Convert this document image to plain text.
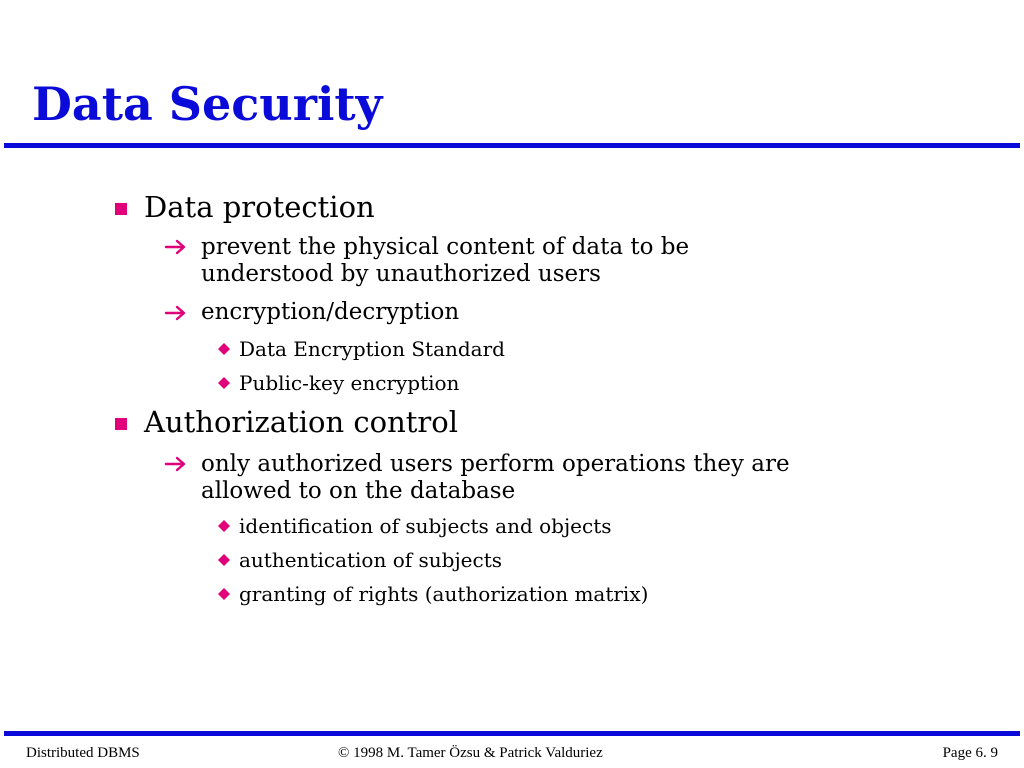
Data Security
Data protection
prevent the physical content of data to be
understood by unauthorized users
encryption/decryption
Data Encryption Standard
Public-key encryption
Authorization control
only authorized users perform operations they are
allowed to on the database
identification of subjects and objects
authentication of subjects
granting of rights (authorization matrix)
Distributed DBMS	© 1998 M. Tamer Özsu & Patrick Valduriez	Page 6. 9
